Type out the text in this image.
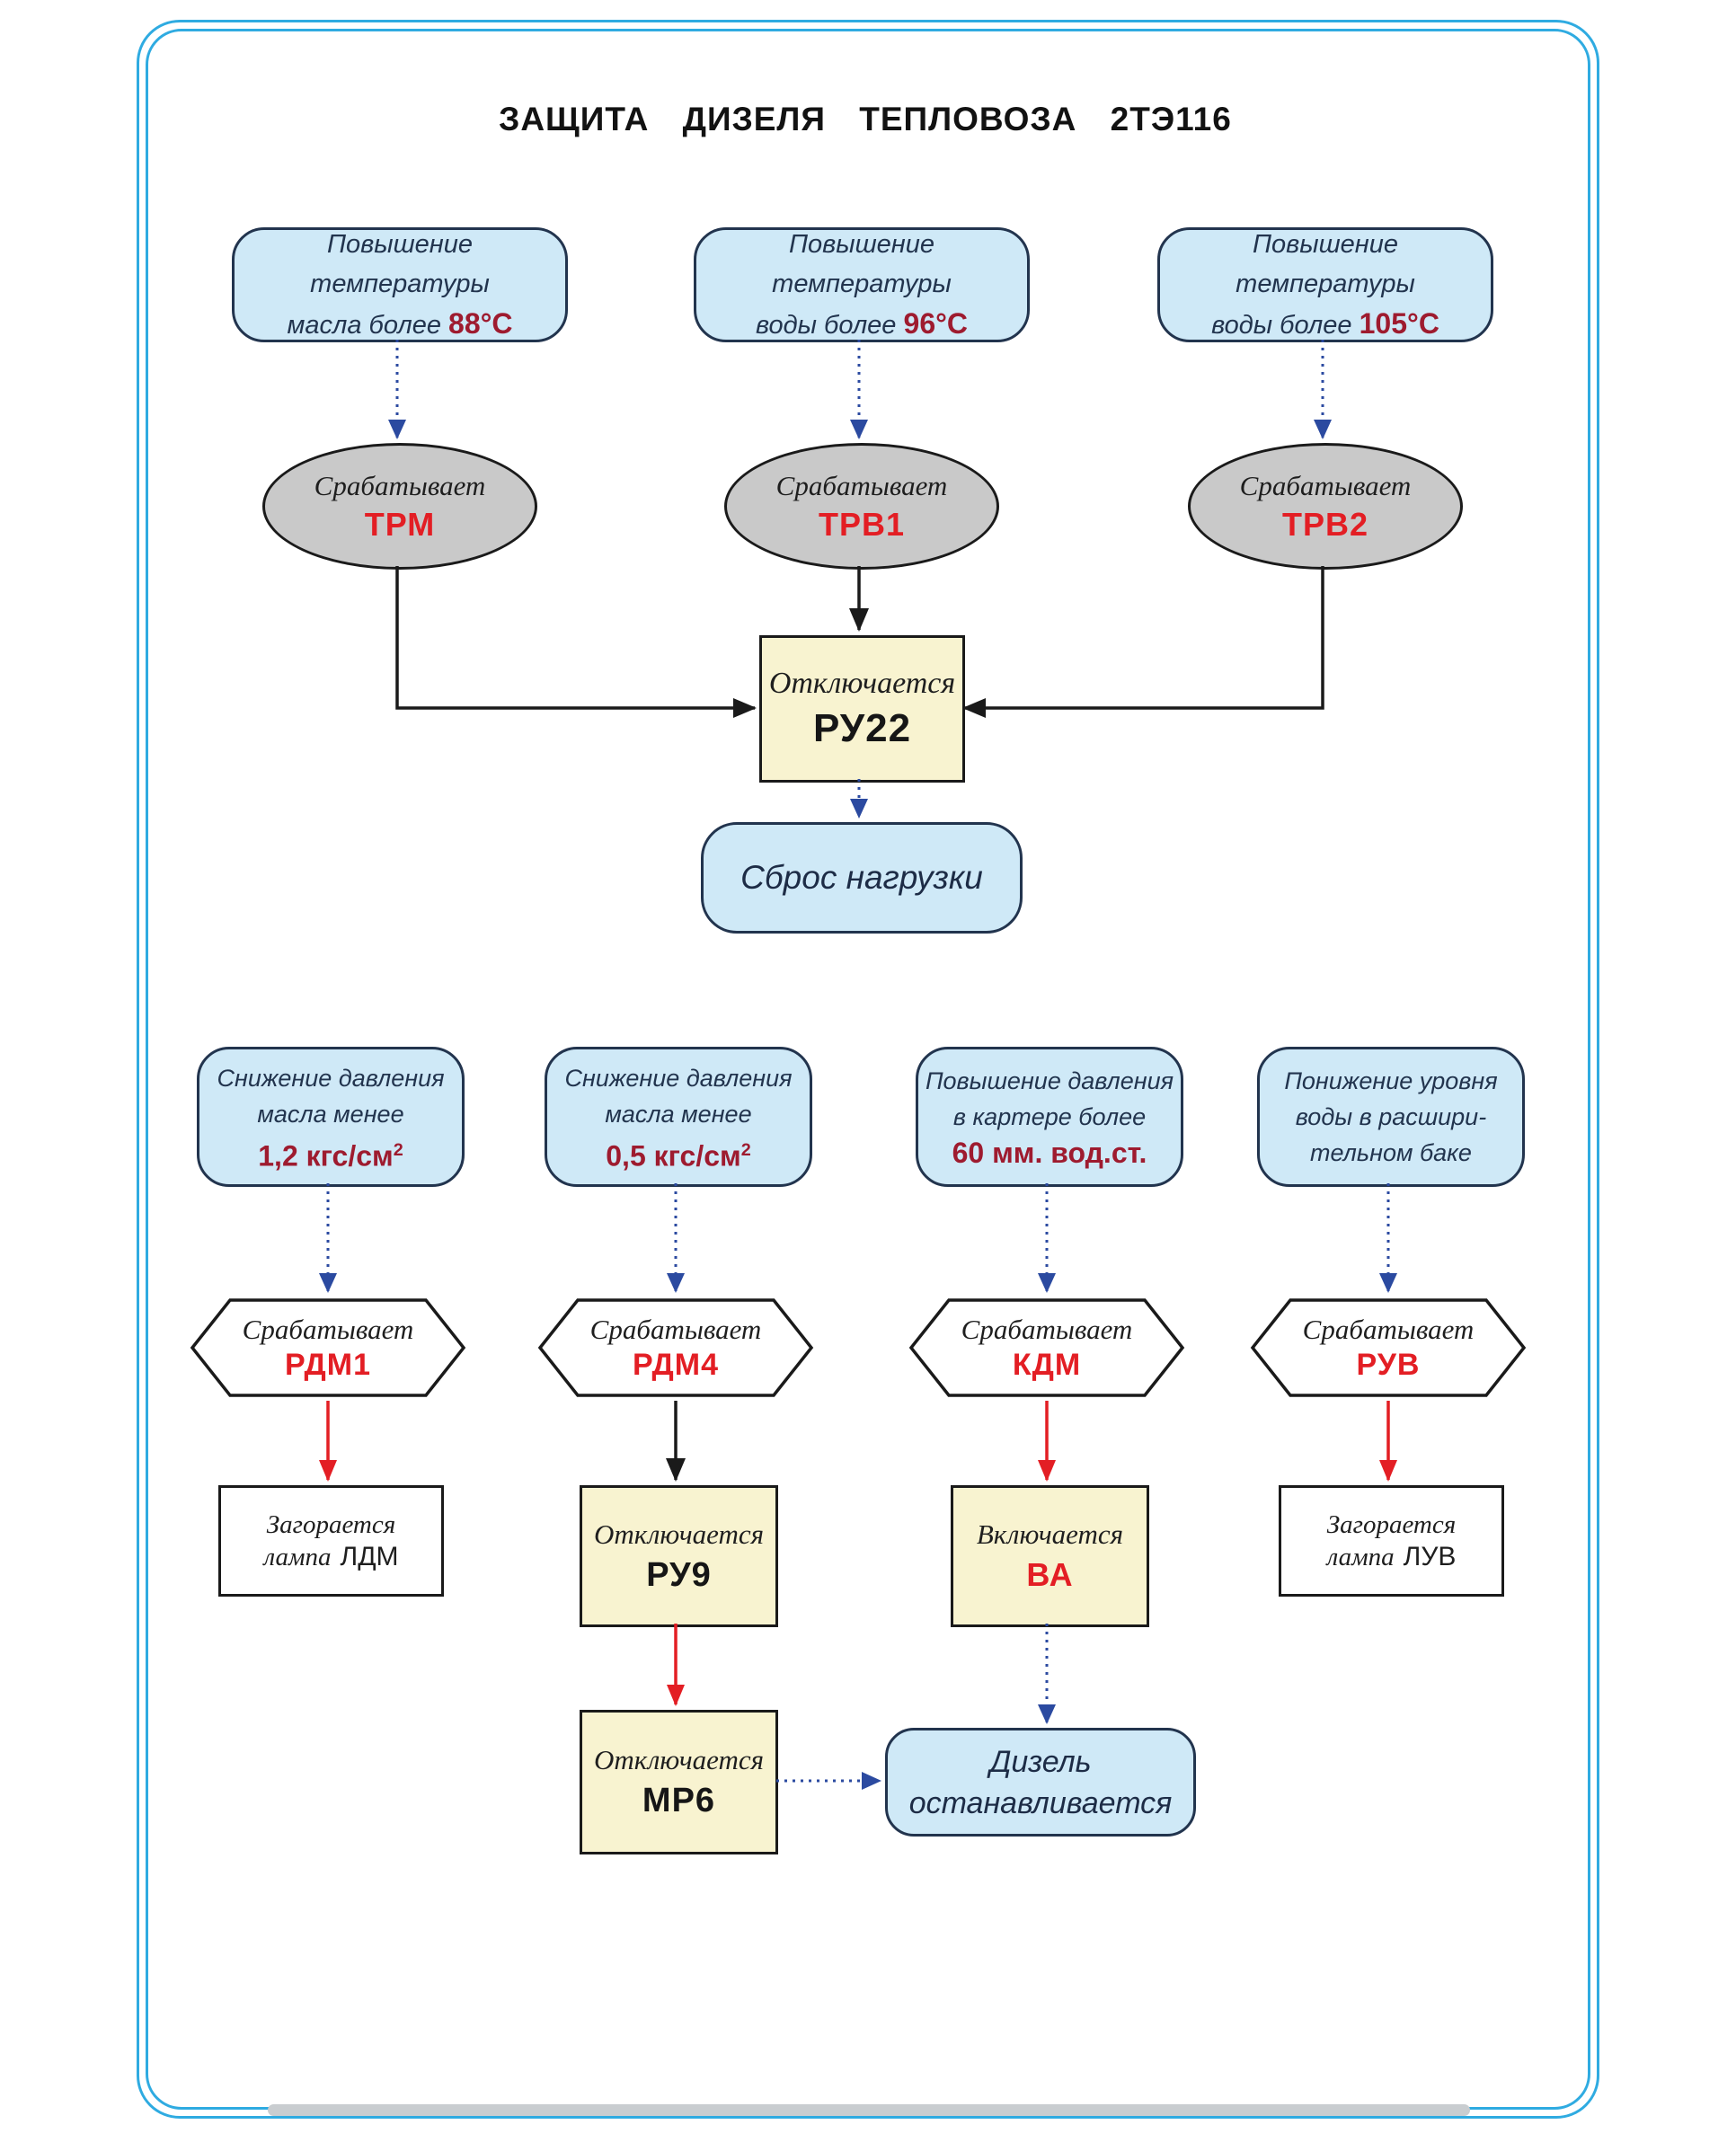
ЗАЩИТА ДИЗЕЛЯ ТЕПЛОВОЗА 2ТЭ116
Повышение температуры
масла более 88°С
Повышение температуры
воды более 96°С
Повышение температуры
воды более 105°С
Срабатывает
ТРМ
Срабатывает
ТРВ1
Срабатывает
ТРВ2
Отключается
РУ22
Сброс нагрузки
Снижение давления
масла менее
1,2 кгс/$см^2$
Снижение давления
масла менее
0,5 кгс/$см^2$
Повышение давления
в картере более
60 мм. вод.ст.
Понижение уровня
воды в расшири-
тельном баке
Срабатывает
РДМ1
Срабатывает
РДМ4
Срабатывает
КДМ
Срабатывает
РУВ
Загорается
лампа ЛДМ
Отключается
РУ9
Включается
ВА
Загорается
лампа ЛУВ
Отключается
МР6
Дизель
останавливается
